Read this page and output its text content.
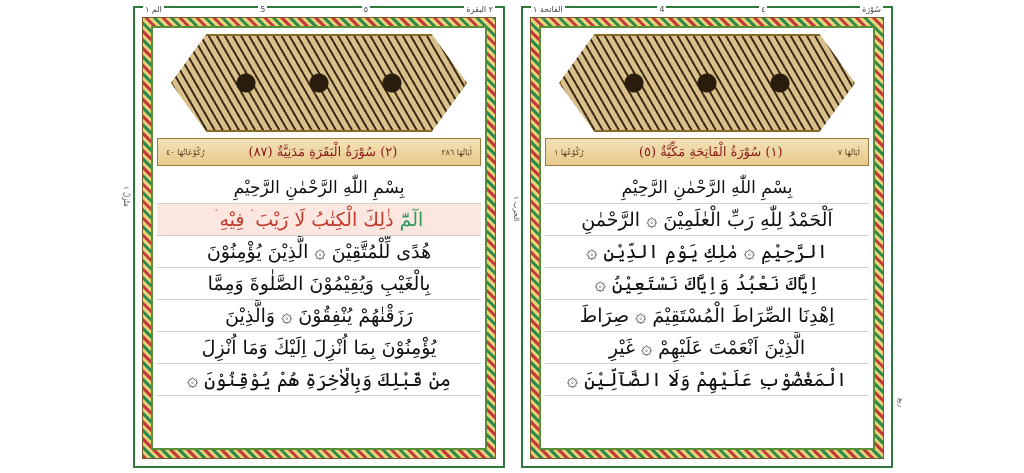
٢ البقرة
٥
5
الم ١
اٰيَاتُهَا ٢٨٦
(٢) سُوْرَةُ الْبَقَرَةِ مَدَنِيَّةٌ (٨٧)
رُكُوْعَاتُهَا ٤٠
بِسْمِ اللّٰهِ الرَّحْمٰنِ الرَّحِيْمِ
الٓمّٓ
ذٰلِكَ الْكِتٰبُ لَا رَيْبَ ۛ فِيْهِ ۛ
هُدًى لِّلْمُتَّقِيْنَ ۞ الَّذِيْنَ يُؤْمِنُوْنَ
بِالْغَيْبِ وَيُقِيْمُوْنَ الصَّلٰوةَ وَمِمَّا
رَزَقْنٰهُمْ يُنْفِقُوْنَ ۞ وَالَّذِيْنَ
يُؤْمِنُوْنَ بِمَا اُنْزِلَ اِلَيْكَ وَمَا اُنْزِلَ
مِنْ قَبْلِكَ وَبِالْاٰخِرَةِ هُمْ يُوْقِنُوْنَ ۞
سُوْرَة
٤
4
الفاتحة ١
اٰيَاتُهَا ٧
(١) سُوْرَةُ الْفَاتِحَةِ مَكِّيَّةٌ (٥)
رُكُوْعُهَا ١
بِسْمِ اللّٰهِ الرَّحْمٰنِ الرَّحِيْمِ
اَلْحَمْدُ لِلّٰهِ رَبِّ الْعٰلَمِيْنَ ۞ الرَّحْمٰنِ
الرَّحِيْمِ ۞ مٰلِكِ يَوْمِ الدِّيْنِ ۞
اِيَّاكَ نَعْبُدُ وَاِيَّاكَ نَسْتَعِيْنُ ۞
اِهْدِنَا الصِّرَاطَ الْمُسْتَقِيْمَ ۞ صِرَاطَ
الَّذِيْنَ اَنْعَمْتَ عَلَيْهِمْ ۞ غَيْرِ
الْمَغْضُوْبِ عَلَيْهِمْ وَلَا الضَّآلِّيْنَ ۞
مَنْزِلُ ١	الحزب ١
ربع
